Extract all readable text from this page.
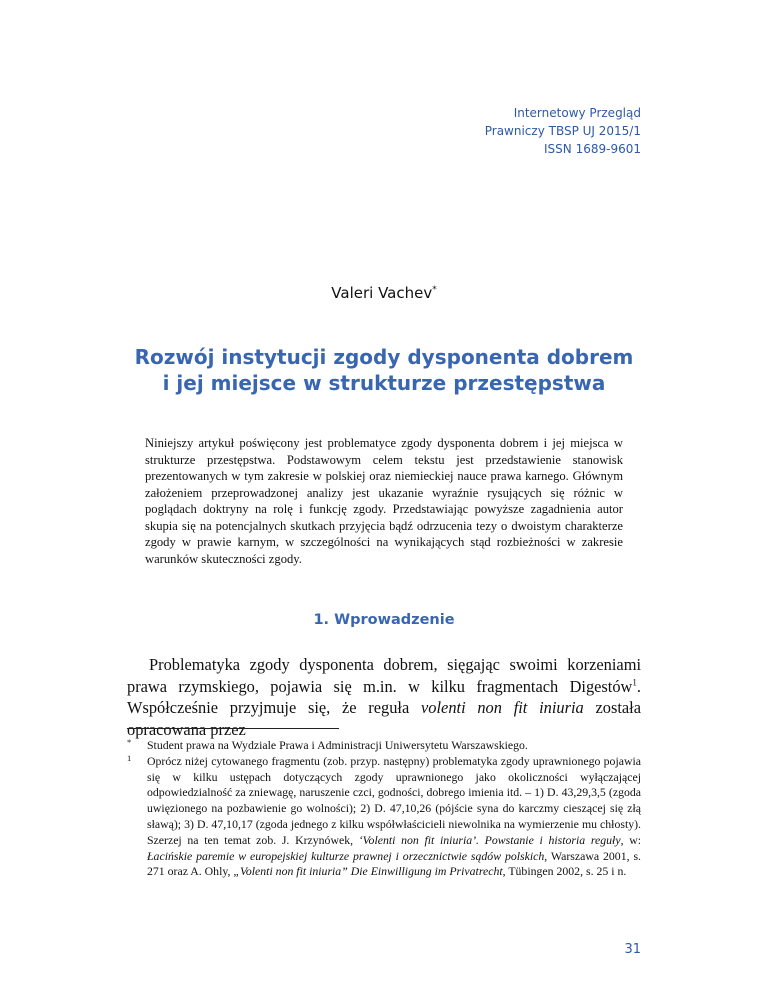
Internetowy Przegląd
Prawniczy TBSP UJ 2015/1
ISSN 1689-9601
Valeri Vachev*
Rozwój instytucji zgody dysponenta dobrem
i jej miejsce w strukturze przestępstwa
Niniejszy artykuł poświęcony jest problematyce zgody dysponenta dobrem i jej miejsca w strukturze przestępstwa. Podstawowym celem tekstu jest przedstawienie stanowisk prezentowanych w tym zakresie w polskiej oraz niemieckiej nauce prawa karnego. Głównym założeniem przeprowadzonej analizy jest ukazanie wyraźnie rysujących się różnic w poglądach doktryny na rolę i funkcję zgody. Przedstawiając powyższe zagadnienia autor skupia się na potencjalnych skutkach przyjęcia bądź odrzucenia tezy o dwoistym charakterze zgody w prawie karnym, w szczególności na wynikających stąd rozbieżności w zakresie warunków skuteczności zgody.
1. Wprowadzenie
Problematyka zgody dysponenta dobrem, sięgając swoimi korzeniami prawa rzymskiego, pojawia się m.in. w kilku fragmentach Digestów$^1$. Współcześnie przyjmuje się, że reguła volenti non fit iniuria została opracowana przez
* Student prawa na Wydziale Prawa i Administracji Uniwersytetu Warszawskiego.
1 Oprócz niżej cytowanego fragmentu (zob. przyp. następny) problematyka zgody uprawnionego pojawia się w kilku ustępach dotyczących zgody uprawnionego jako okoliczności wyłączającej odpowiedzialność za zniewagę, naruszenie czci, godności, dobrego imienia itd. – 1) D. 43,29,3,5 (zgoda uwięzionego na pozbawienie go wolności); 2) D. 47,10,26 (pójście syna do karczmy cieszącej się złą sławą); 3) D. 47,10,17 (zgoda jednego z kilku współwłaścicieli niewolnika na wymierzenie mu chłosty). Szerzej na ten temat zob. J. Krzynówek, ‘Volenti non fit iniuria’. Powstanie i historia reguły, w: Łacińskie paremie w europejskiej kulturze prawnej i orzecznictwie sądów polskich, Warszawa 2001, s. 271 oraz A. Ohly, „Volenti non fit iniuria” Die Einwilligung im Privatrecht, Tübingen 2002, s. 25 i n.
31
